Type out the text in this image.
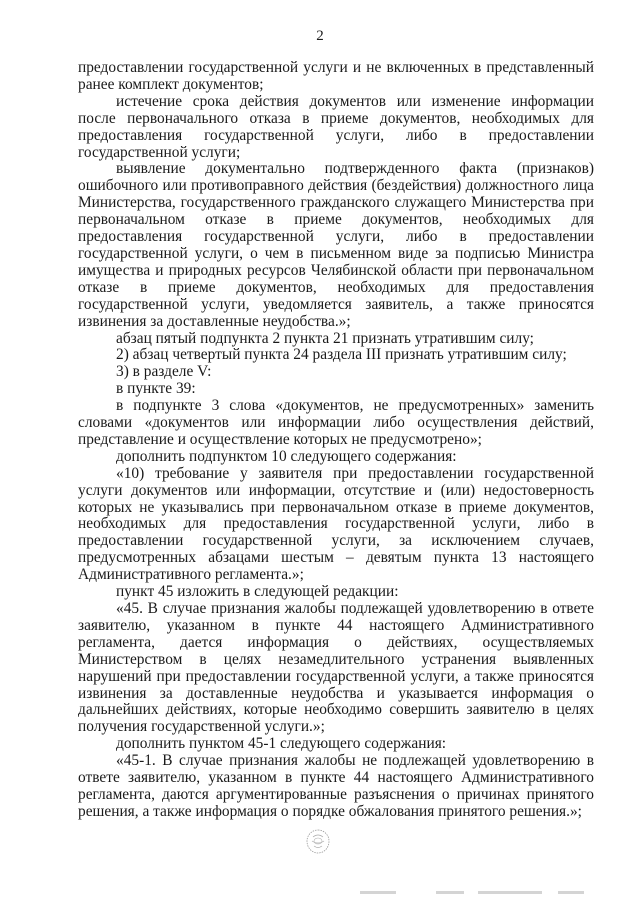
2

предоставлении государственной услуги и не включенных в представленный ранее комплект документов;

истечение срока действия документов или изменение информации после первоначального отказа в приеме документов, необходимых для предоставления государственной услуги, либо в предоставлении государственной услуги;

выявление документально подтвержденного факта (признаков) ошибочного или противоправного действия (бездействия) должностного лица Министерства, государственного гражданского служащего Министерства при первоначальном отказе в приеме документов, необходимых для предоставления государственной услуги, либо в предоставлении государственной услуги, о чем в письменном виде за подписью Министра имущества и природных ресурсов Челябинской области при первоначальном отказе в приеме документов, необходимых для предоставления государственной услуги, уведомляется заявитель, а также приносятся извинения за доставленные неудобства.»;

абзац пятый подпункта 2 пункта 21 признать утратившим силу;

2) абзац четвертый пункта 24 раздела III признать утратившим силу;

3) в разделе V:

в пункте 39:

в подпункте 3 слова «документов, не предусмотренных» заменить словами «документов или информации либо осуществления действий, представление и осуществление которых не предусмотрено»;

дополнить подпунктом 10 следующего содержания:

«10) требование у заявителя при предоставлении государственной услуги документов или информации, отсутствие и (или) недостоверность которых не указывались при первоначальном отказе в приеме документов, необходимых для предоставления государственной услуги, либо в предоставлении государственной услуги, за исключением случаев, предусмотренных абзацами шестым – девятым пункта 13 настоящего Административного регламента.»;

пункт 45 изложить в следующей редакции:

«45. В случае признания жалобы подлежащей удовлетворению в ответе заявителю, указанном в пункте 44 настоящего Административного регламента, дается информация о действиях, осуществляемых Министерством в целях незамедлительного устранения выявленных нарушений при предоставлении государственной услуги, а также приносятся извинения за доставленные неудобства и указывается информация о дальнейших действиях, которые необходимо совершить заявителю в целях получения государственной услуги.»;

дополнить пунктом 45-1 следующего содержания:

«45-1. В случае признания жалобы не подлежащей удовлетворению в ответе заявителю, указанном в пункте 44 настоящего Административного регламента, даются аргументированные разъяснения о причинах принятого решения, а также информация о порядке обжалования принятого решения.»;
